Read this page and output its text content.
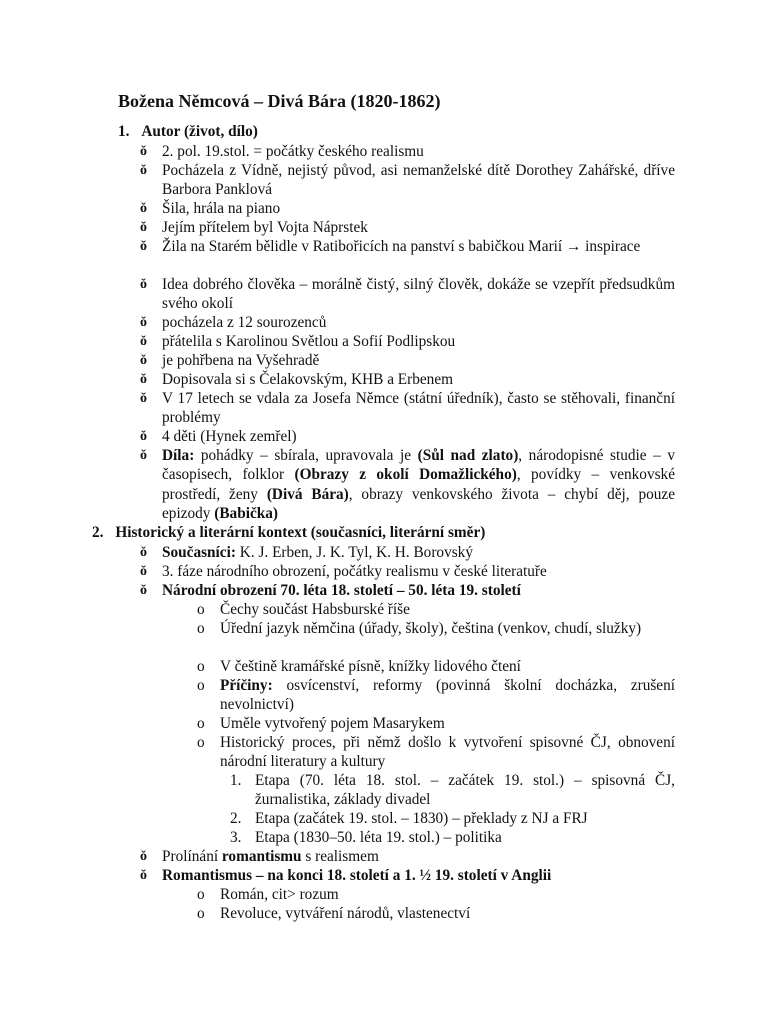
Božena Němcová – Divá Bára (1820-1862)
1. Autor (život, dílo)
ǒ 2. pol. 19.stol. = počátky českého realismu
ǒ Pocházela z Vídně, nejistý původ, asi nemanželské dítě Dorothey Zahářské, dříve Barbora Panklová
ǒ Šila, hrála na piano
ǒ Jejím přítelem byl Vojta Náprstek
ǒ Žila na Starém bělidle v Ratibořicích na panství s babičkou Marií → inspirace
ǒ Idea dobrého člověka – morálně čistý, silný člověk, dokáže se vzepřít předsudkům svého okolí
ǒ pocházela z 12 sourozenců
ǒ přátelila s Karolinou Světlou a Sofií Podlipskou
ǒ je pohřbena na Vyšehradě
ǒ Dopisovala si s Čelakovským, KHB a Erbenem
ǒ V 17 letech se vdala za Josefa Němce (státní úředník), často se stěhovali, finanční problémy
ǒ 4 děti (Hynek zemřel)
ǒ Díla: pohádky – sbírala, upravovala je (Sůl nad zlato), národopisné studie – v časopisech, folklor (Obrazy z okolí Domažlického), povídky – venkovské prostředí, ženy (Divá Bára), obrazy venkovského života – chybí děj, pouze epizody (Babička)
2. Historický a literární kontext (současníci, literární směr)
ǒ Současníci: K. J. Erben, J. K. Tyl, K. H. Borovský
ǒ 3. fáze národního obrození, počátky realismu v české literatuře
ǒ Národní obrození 70. léta 18. století – 50. léta 19. století
o Čechy součást Habsburské říše
o Úřední jazyk němčina (úřady, školy), čeština (venkov, chudí, služky)
o V češtině kramářské písně, knížky lidového čtení
o Příčiny: osvícenství, reformy (povinná školní docházka, zrušení nevolnictví)
o Uměle vytvořený pojem Masarykem
o Historický proces, při němž došlo k vytvoření spisovné ČJ, obnovení národní literatury a kultury
1. Etapa (70. léta 18. stol. – začátek 19. stol.) – spisovná ČJ, žurnalistika, základy divadel
2. Etapa (začátek 19. stol. – 1830) – překlady z NJ a FRJ
3. Etapa (1830–50. léta 19. stol.) – politika
ǒ Prolínání romantismu s realismem
ǒ Romantismus – na konci 18. století a 1. ½ 19. století v Anglii
o Román, cit> rozum
o Revoluce, vytváření národů, vlastenectví
